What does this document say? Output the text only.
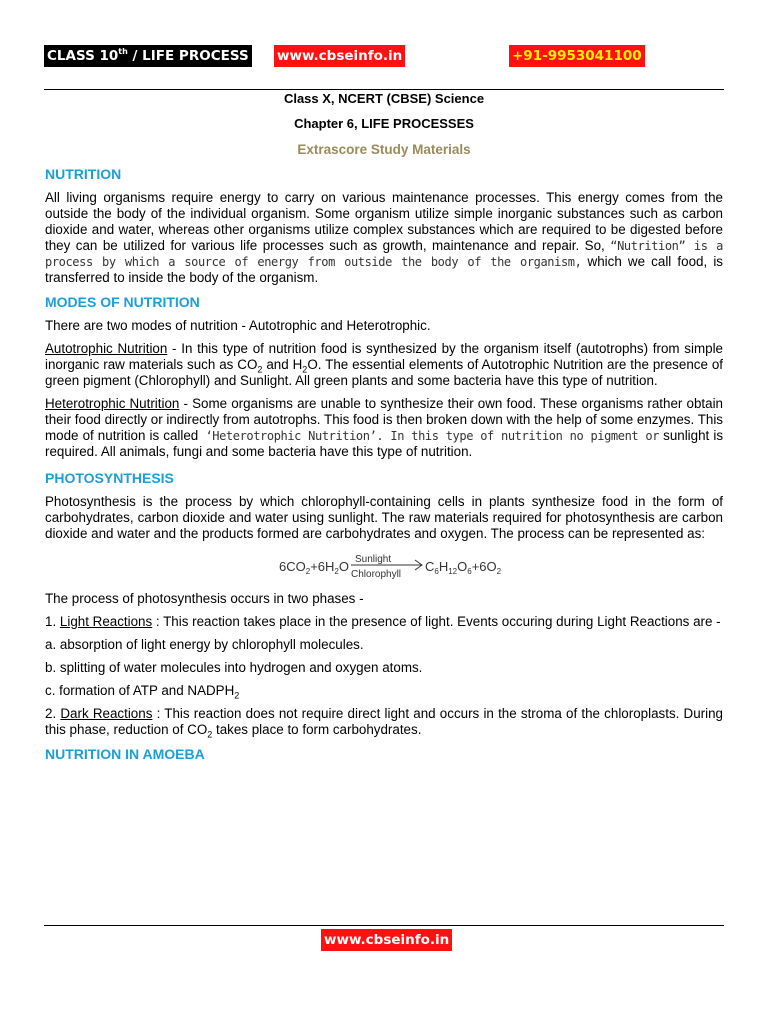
CLASS 10th / LIFE PROCESS www.cbseinfo.in	+91-9953041100
Class X, NCERT (CBSE) Science
Chapter 6, LIFE PROCESSES
Extrascore Study Materials
NUTRITION

All living organisms require energy to carry on various maintenance processes. This energy comes from the outside the body of the individual organism. Some organism utilize simple inorganic substances such as carbon dioxide and water, whereas other organisms utilize complex substances which are required to be digested before they can be utilized for various life processes such as growth, maintenance and repair. So, “Nutrition” is a process by which a source of energy from outside the body of the organism, which we call food, is transferred to inside the body of the organism.

MODES OF NUTRITION

There are two modes of nutrition - Autotrophic and Heterotrophic.

Autotrophic Nutrition - In this type of nutrition food is synthesized by the organism itself (autotrophs) from simple inorganic raw materials such as $CO_2$ and $H_2O$. The essential elements of Autotrophic Nutrition are the presence of green pigment (Chlorophyll) and Sunlight. All green plants and some bacteria have this type of nutrition.

Heterotrophic Nutrition - Some organisms are unable to synthesize their own food. These organisms rather obtain their food directly or indirectly from autotrophs. This food is then broken down with the help of some enzymes. This mode of nutrition is called ‘Heterotrophic Nutrition’. In this type of nutrition no pigment or sunlight is required. All animals, fungi and some bacteria have this type of nutrition.

PHOTOSYNTHESIS

Photosynthesis is the process by which chlorophyll-containing cells in plants synthesize food in the form of carbohydrates, carbon dioxide and water using sunlight. The raw materials required for photosynthesis are carbon dioxide and water and the products formed are carbohydrates and oxygen. The process can be represented as:

$6CO_2+6H_2O$ Sunlight
Chlorophyll
$C_6H_{12}O_6+6O_2$

The process of photosynthesis occurs in two phases -

1. Light Reactions : This reaction takes place in the presence of light. Events occuring during Light Reactions are -

a. absorption of light energy by chlorophyll molecules.

b. splitting of water molecules into hydrogen and oxygen atoms.

c. formation of ATP and $NADPH_2$

2. Dark Reactions : This reaction does not require direct light and occurs in the stroma of the chloroplasts. During this phase, reduction of $CO_2$ takes place to form carbohydrates.

NUTRITION IN AMOEBA
www.cbseinfo.in
